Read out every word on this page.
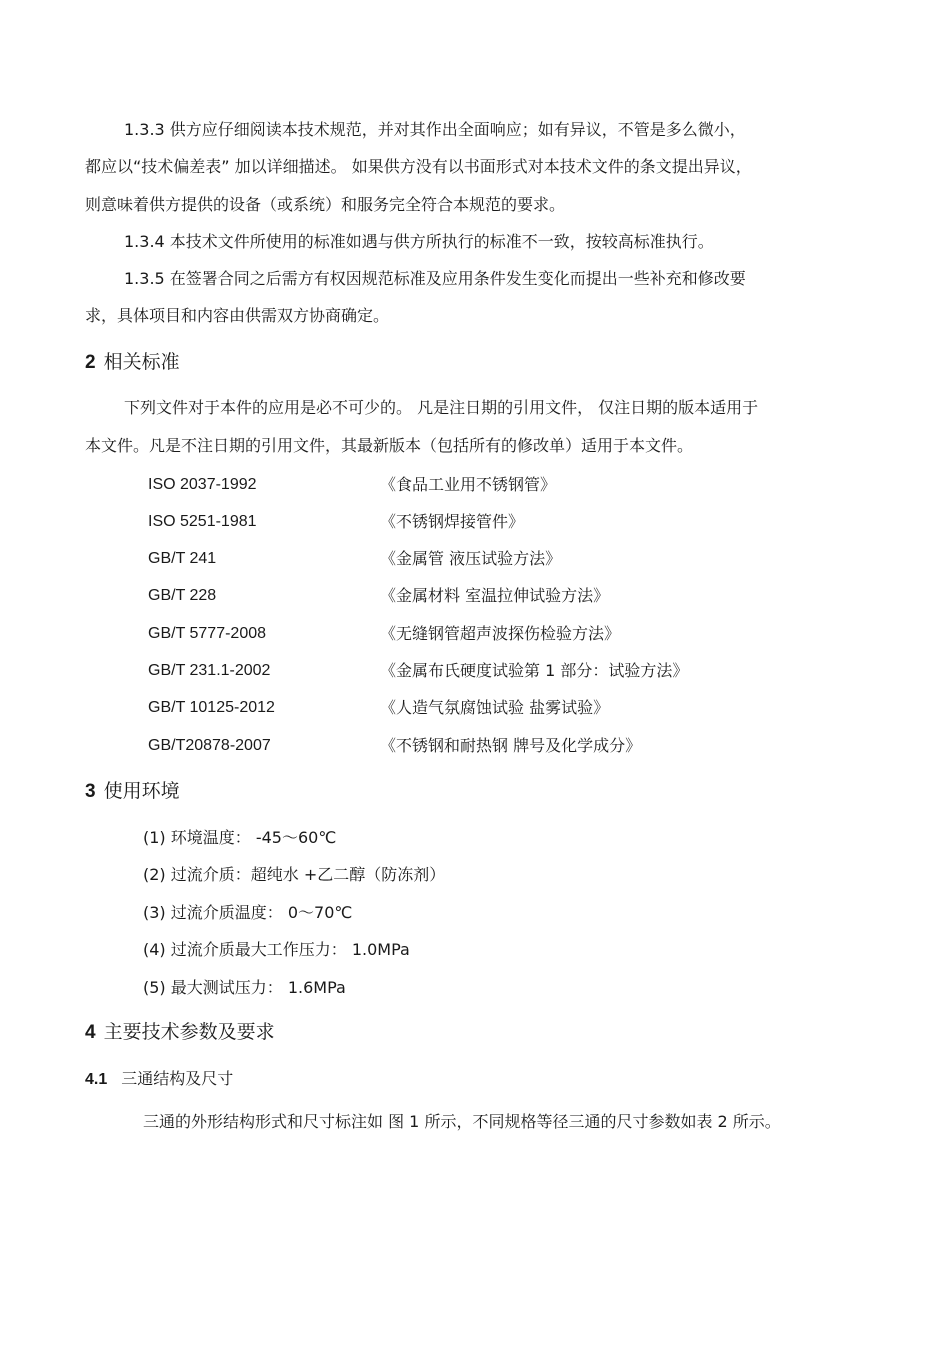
1.3.3 供方应仔细阅读本技术规范，并对其作出全面响应；如有异议，不管是多么微小，
都应以“技术偏差表” 加以详细描述。 如果供方没有以书面形式对本技术文件的条文提出异议，
则意味着供方提供的设备（或系统）和服务完全符合本规范的要求。
1.3.4 本技术文件所使用的标准如遇与供方所执行的标准不一致，按较高标准执行。
1.3.5 在签署合同之后需方有权因规范标准及应用条件发生变化而提出一些补充和修改要
求，具体项目和内容由供需双方协商确定。
2 相关标准
下列文件对于本件的应用是必不可少的。 凡是注日期的引用文件， 仅注日期的版本适用于
本文件。凡是不注日期的引用文件，其最新版本（包括所有的修改单）适用于本文件。
ISO 2037-1992	《食品工业用不锈钢管》
ISO 5251-1981	《不锈钢焊接管件》
GB/T 241	《金属管 液压试验方法》
GB/T 228	《金属材料 室温拉伸试验方法》
GB/T 5777-2008	《无缝钢管超声波探伤检验方法》
GB/T 231.1-2002	《金属布氏硬度试验第 1 部分：试验方法》
GB/T 10125-2012	《人造气氛腐蚀试验 盐雾试验》
GB/T20878-2007	《不锈钢和耐热钢 牌号及化学成分》
3 使用环境
(1) 环境温度： -45～60℃
(2) 过流介质：超纯水 +乙二醇（防冻剂）
(3) 过流介质温度： 0～70℃
(4) 过流介质最大工作压力： 1.0MPa
(5) 最大测试压力： 1.6MPa
4 主要技术参数及要求
4.1 三通结构及尺寸
三通的外形结构形式和尺寸标注如 图 1 所示，不同规格等径三通的尺寸参数如表 2 所示。
